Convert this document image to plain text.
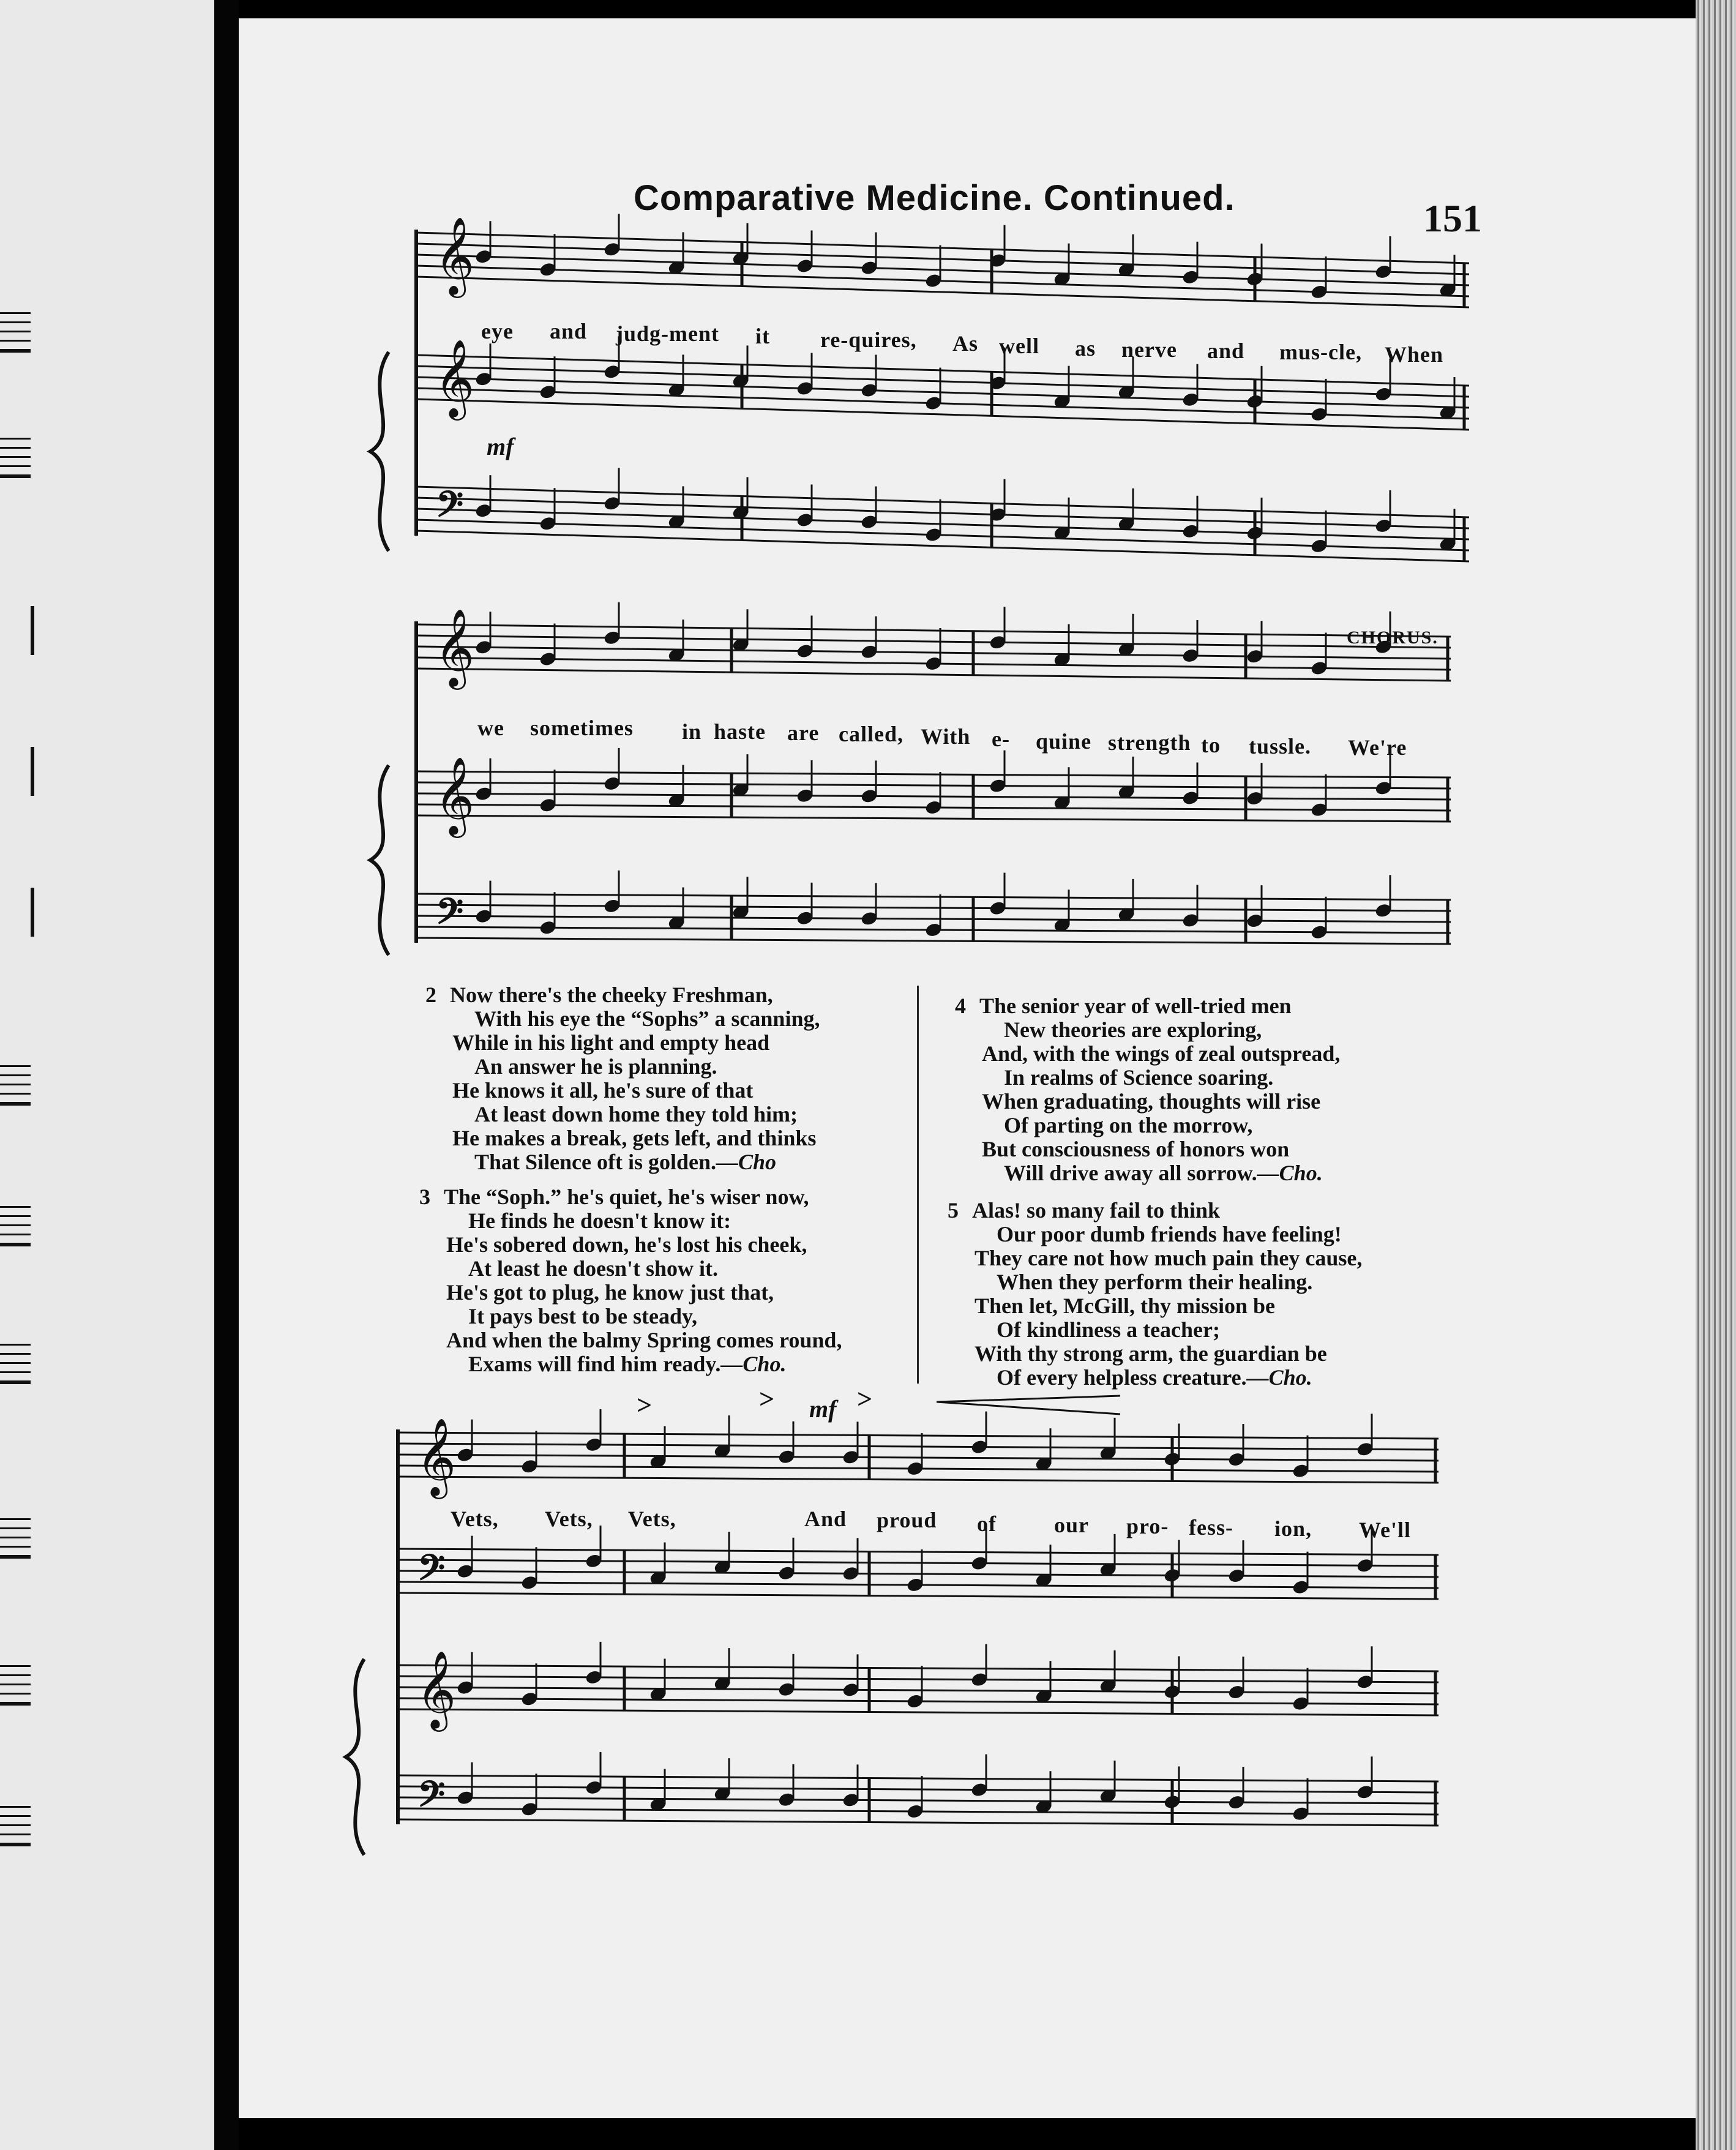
Comparative Medicine. Continued.	151
𝄞
𝄞
𝄞
𝄞
𝄞
𝄞
𝄢
𝄢
𝄢
𝄢
>	>	>
mf
CHORUS.
mf
eye and judg-ment it re-quires, As well as nerve and mus-cle, When
we sometimes in haste are called, With e- quine strength to tussle. We're
2 Now there's the cheeky Freshman,
With his eye the “Sophs” a scanning,
While in his light and empty head
An answer he is planning.
He knows it all, he's sure of that
At least down home they told him;
He makes a break, gets left, and thinks
That Silence oft is golden.—Cho
3 The “Soph.” he's quiet, he's wiser now,
He finds he doesn't know it:
He's sobered down, he's lost his cheek,
At least he doesn't show it.
He's got to plug, he know just that,
It pays best to be steady,
And when the balmy Spring comes round,
Exams will find him ready.—Cho.
4 The senior year of well-tried men
New theories are exploring,
And, with the wings of zeal outspread,
In realms of Science soaring.
When graduating, thoughts will rise
Of parting on the morrow,
But consciousness of honors won
Will drive away all sorrow.—Cho.
5 Alas! so many fail to think
Our poor dumb friends have feeling!
They care not how much pain they cause,
When they perform their healing.
Then let, McGill, thy mission be
Of kindliness a teacher;
With thy strong arm, the guardian be
Of every helpless creature.—Cho.
Vets, Vets, Vets,	And proud of	our pro- fess- ion, We'll
